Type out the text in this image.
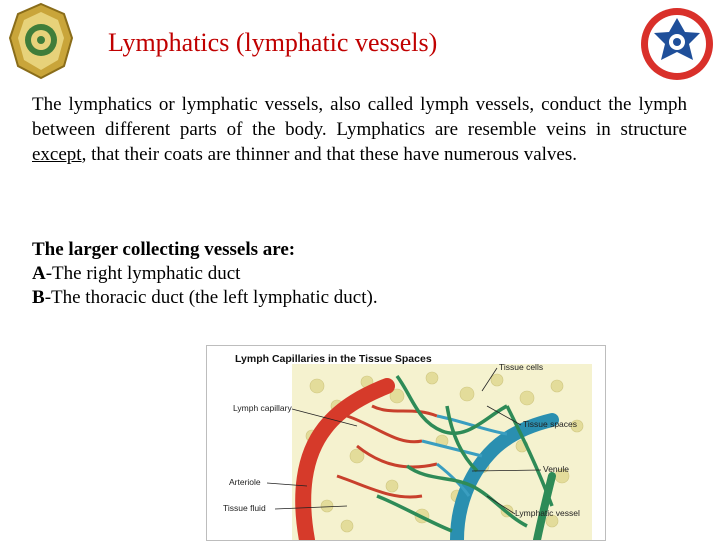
Lymphatics (lymphatic vessels)

The lymphatics or lymphatic vessels, also called lymph vessels, conduct the lymph between different parts of the body. Lymphatics are resemble veins in structure except, that their coats are thinner and that these have numerous valves.

The larger collecting vessels are:
A-The right lymphatic duct
B-The thoracic duct (the left lymphatic duct).
Lymph Capillaries in the Tissue Spaces
Lymph capillary
Arteriole
Tissue fluid
Tissue cells
Tissue spaces
Venule
Lymphatic vessel
